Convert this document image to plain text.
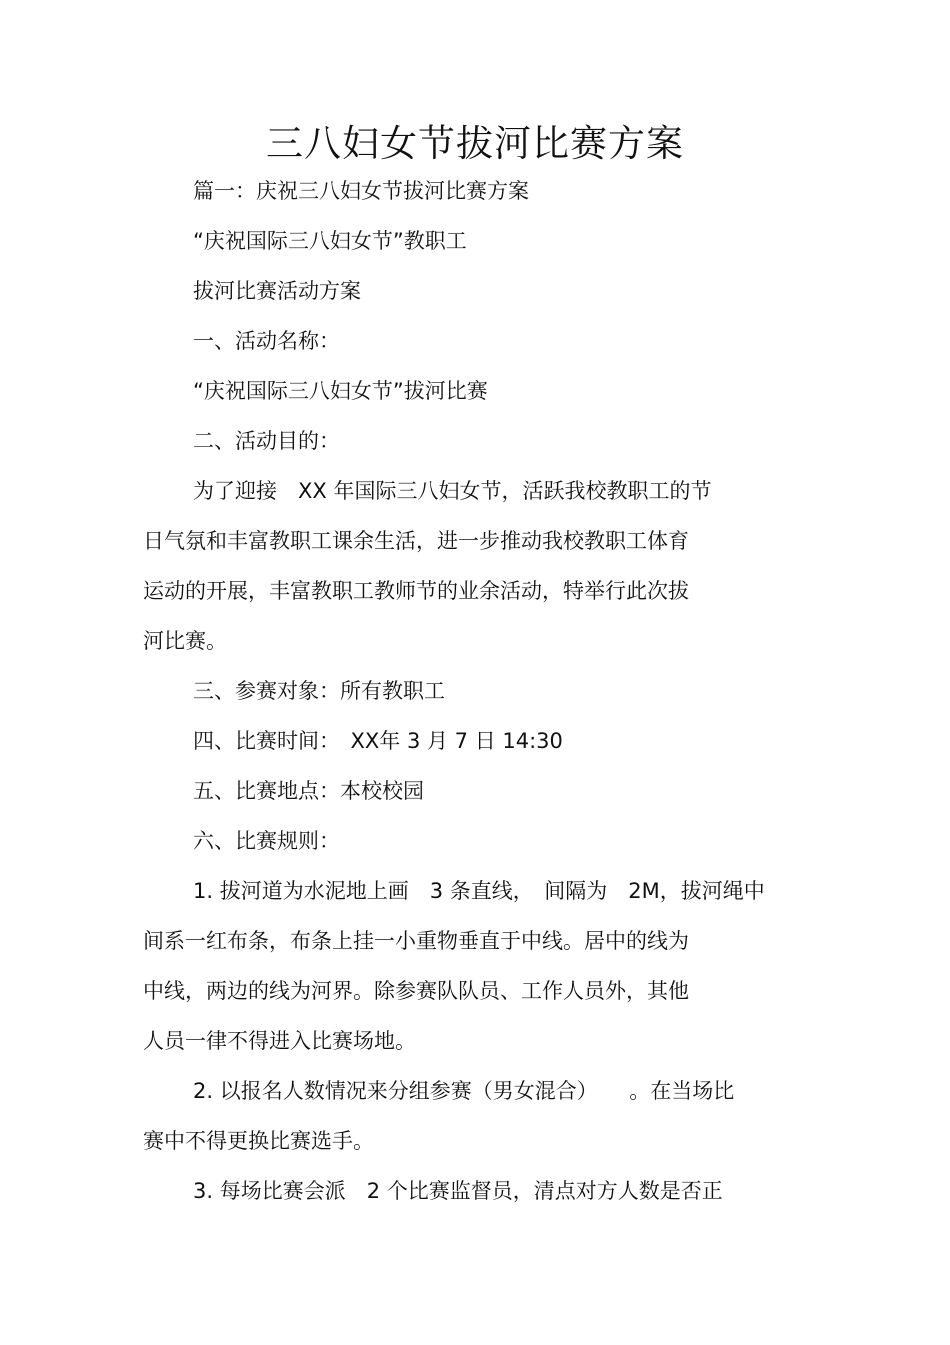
三八妇女节拔河比赛方案
篇一：庆祝三八妇女节拔河比赛方案
“庆祝国际三八妇女节”教职工
拔河比赛活动方案
一、活动名称：
“庆祝国际三八妇女节”拔河比赛
二、活动目的：
为了迎接　XX 年国际三八妇女节，活跃我校教职工的节
日气氛和丰富教职工课余生活，进一步推动我校教职工体育
运动的开展，丰富教职工教师节的业余活动，特举行此次拔
河比赛。
三、参赛对象：所有教职工
四、比赛时间：　XX年 3 月 7 日 14:30
五、比赛地点：本校校园
六、比赛规则：
1. 拔河道为水泥地上画　3 条直线，　间隔为　2M，拔河绳中
间系一红布条，布条上挂一小重物垂直于中线。居中的线为
中线，两边的线为河界。除参赛队队员、工作人员外，其他
人员一律不得进入比赛场地。
2. 以报名人数情况来分组参赛（男女混合）　　。在当场比
赛中不得更换比赛选手。
3. 每场比赛会派　2 个比赛监督员，清点对方人数是否正
